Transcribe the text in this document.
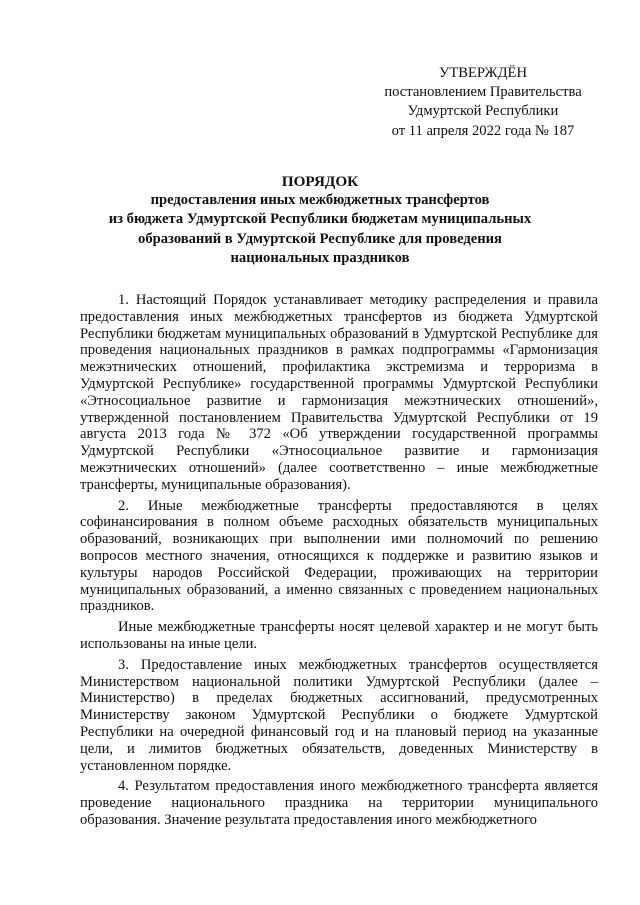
УТВЕРЖДЁН
постановлением Правительства
Удмуртской Республики
от 11 апреля 2022 года № 187
ПОРЯДОК
предоставления иных межбюджетных трансфертов
из бюджета Удмуртской Республики бюджетам муниципальных
образований в Удмуртской Республике для проведения
национальных праздников

1. Настоящий Порядок устанавливает методику распределения и правила предоставления иных межбюджетных трансфертов из бюджета Удмуртской Республики бюджетам муниципальных образований в Удмуртской Республике для проведения национальных праздников в рамках подпрограммы «Гармонизация межэтнических отношений, профилактика экстремизма и терроризма в Удмуртской Республике» государственной программы Удмуртской Республики «Этносоциальное развитие и гармонизация межэтнических отношений», утвержденной постановлением Правительства Удмуртской Республики от 19 августа 2013 года № 372 «Об утверждении государственной программы Удмуртской Республики «Этносоциальное развитие и гармонизация межэтнических отношений» (далее соответственно – иные межбюджетные трансферты, муниципальные образования).

2. Иные межбюджетные трансферты предоставляются в целях софинансирования в полном объеме расходных обязательств муниципальных образований, возникающих при выполнении ими полномочий по решению вопросов местного значения, относящихся к поддержке и развитию языков и культуры народов Российской Федерации, проживающих на территории муниципальных образований, а именно связанных с проведением национальных праздников.

Иные межбюджетные трансферты носят целевой характер и не могут быть использованы на иные цели.

3. Предоставление иных межбюджетных трансфертов осуществляется Министерством национальной политики Удмуртской Республики (далее – Министерство) в пределах бюджетных ассигнований, предусмотренных Министерству законом Удмуртской Республики о бюджете Удмуртской Республики на очередной финансовый год и на плановый период на указанные цели, и лимитов бюджетных обязательств, доведенных Министерству в установленном порядке.

4. Результатом предоставления иного межбюджетного трансферта является проведение национального праздника на территории муниципального образования. Значение результата предоставления иного межбюджетного
